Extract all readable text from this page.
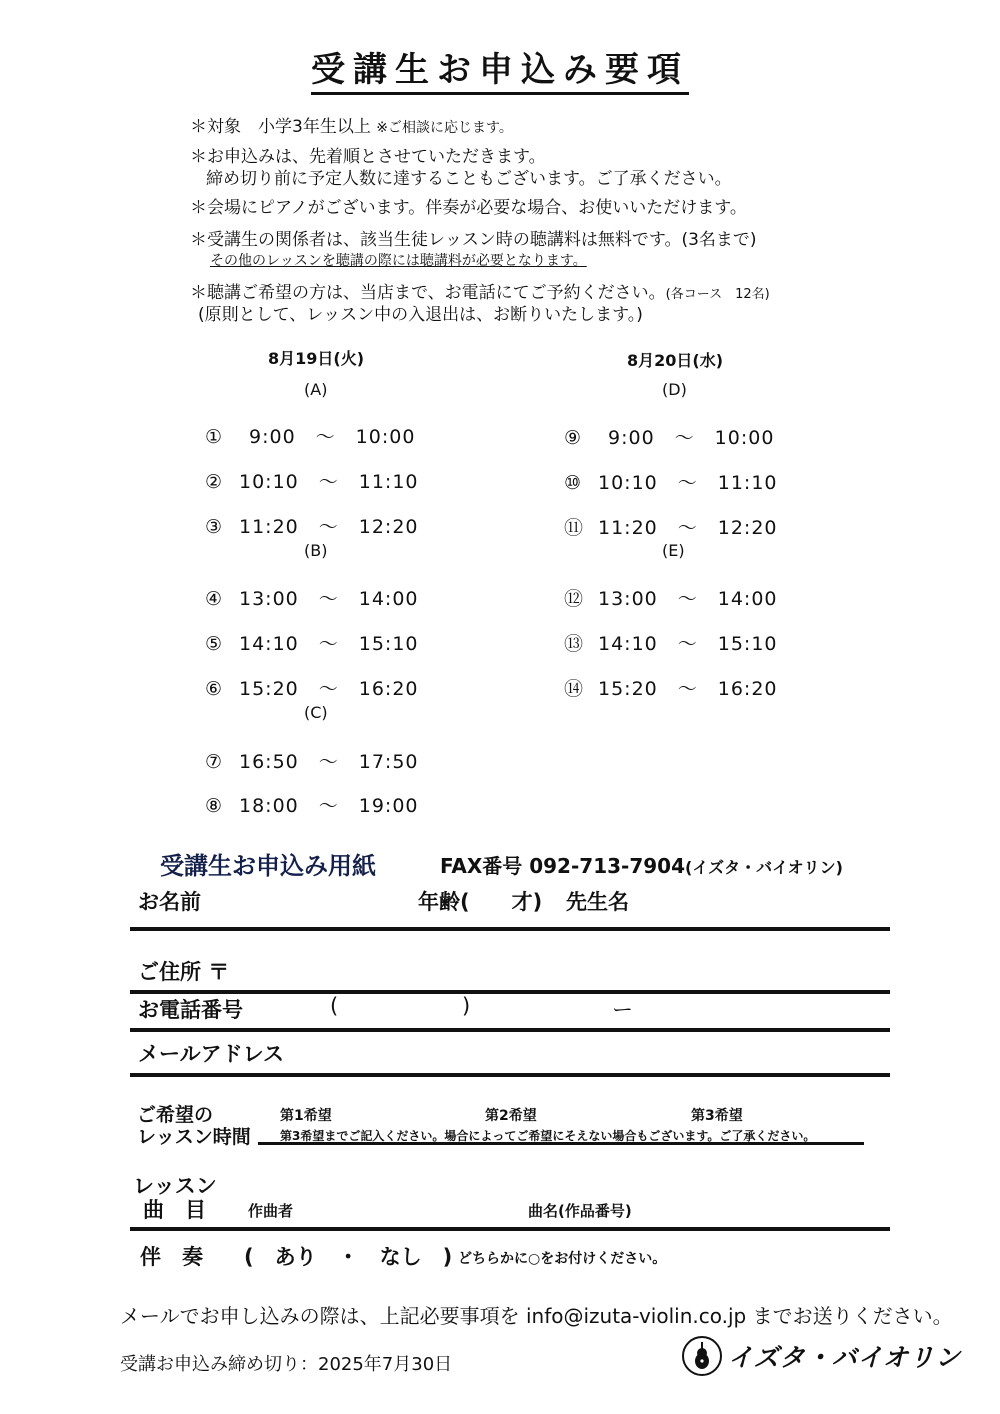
受講生お申込み要項
＊対象　小学3年生以上 ※ご相談に応じます。
＊お申込みは、先着順とさせていただきます。
締め切り前に予定人数に達することもございます。ご了承ください。
＊会場にピアノがございます。伴奏が必要な場合、お使いいただけます。
＊受講生の関係者は、該当生徒レッスン時の聴講料は無料です。(3名まで)
その他のレッスンを聴講の際には聴講料が必要となります。
＊聴講ご希望の方は、当店まで、お電話にてご予約ください。(各コース　12名)
(原則として、レッスン中の入退出は、お断りいたします。)
8月19日(火)
(A)
① 9:00　～　10:00
② 10:10　～　11:10
③ 11:20　～　12:20
(B)
④ 13:00　～　14:00
⑤ 14:10　～　15:10
⑥ 15:20　～　16:20
(C)
⑦ 16:50　～　17:50
⑧ 18:00　～　19:00
8月20日(水)
(D)
⑨ 9:00　～　10:00
⑩ 10:10　～　11:10
⑪ 11:20　～　12:20
(E)
⑫ 13:00　～　14:00
⑬ 14:10　～　15:10
⑭ 15:20　～　16:20
受講生お申込み用紙	FAX番号 092-713-7904(イズタ・バイオリン)
お名前	年齢(　　才) 先生名
ご住所 〒
お電話番号	(	)	ー
メールアドレス
ご希望の
レッスン時間
第1希望	第2希望	第3希望
第3希望までご記入ください。場合によってご希望にそえない場合もございます。ご了承ください。
レッスン
曲　目	作曲者	曲名(作品番号)
伴　奏 (　あり　・　なし　) どちらかに○をお付けください。
メールでお申し込みの際は、上記必要事項を info@izuta-violin.co.jp までお送りください。
受講お申込み締め切り：2025年7月30日	イズタ・バイオリン
